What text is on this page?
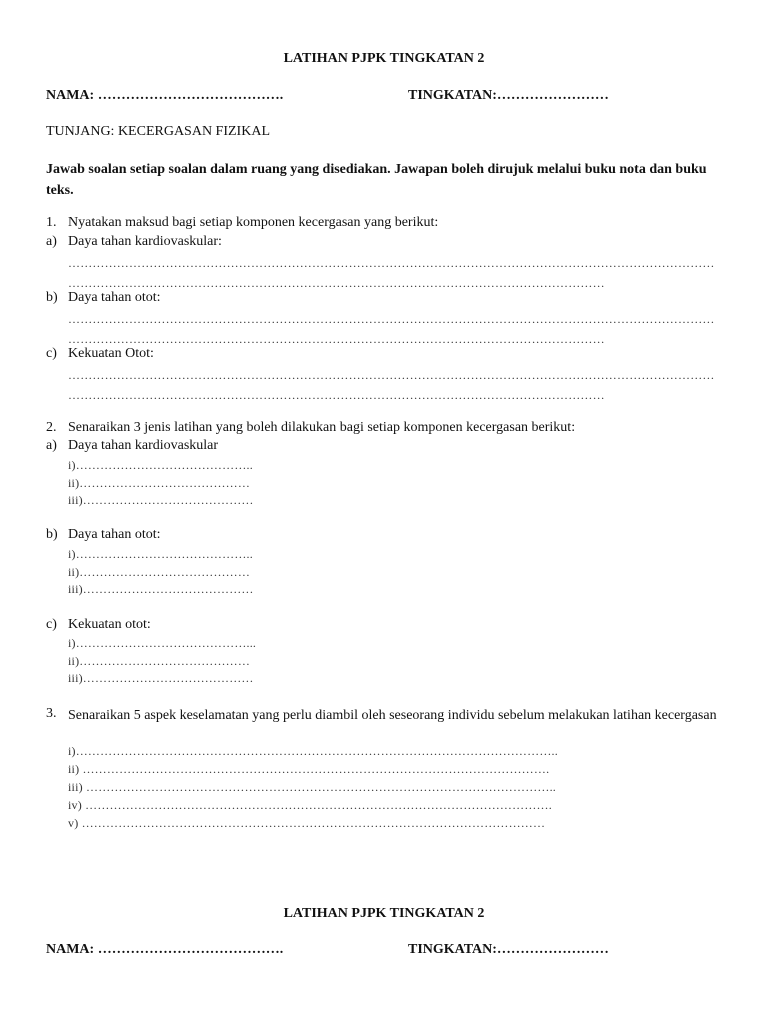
LATIHAN PJPK TINGKATAN 2
NAMA: ………………………………….	TINGKATAN:……………………
TUNJANG: KECERGASAN FIZIKAL
Jawab soalan setiap soalan dalam ruang yang disediakan. Jawapan boleh dirujuk melalui buku nota dan buku teks.
1. Nyatakan maksud bagi setiap komponen kecergasan yang berikut:
a) Daya tahan kardiovaskular:
……………………………………………………………………………………………………………………………………………
……………………………………………………………………………………………………………………
b) Daya tahan otot:
……………………………………………………………………………………………………………………………………………
……………………………………………………………………………………………………………………
c) Kekuatan Otot:
……………………………………………………………………………………………………………………………………………
……………………………………………………………………………………………………………………
2. Senaraikan 3 jenis latihan yang boleh dilakukan bagi setiap komponen kecergasan berikut:
a) Daya tahan kardiovaskular
i)……………………………………..
ii)……………………………………
iii)……………………………………
b) Daya tahan otot:
i)……………………………………..
ii)……………………………………
iii)……………………………………
c) Kekuatan otot:
i)……………………………………...
ii)……………………………………
iii)……………………………………
3. Senaraikan 5 aspek keselamatan yang perlu diambil oleh seseorang individu sebelum melakukan latihan kecergasan
i)………………………………………………………………………………………………………..
ii) …………………………………………………………………………………………………….
iii) ……………………………………………………………………………………………………..
iv) …………………………………………………………………………………………………….
v) ……………………………………………………………………………………………………
LATIHAN PJPK TINGKATAN 2
NAMA: ………………………………….	TINGKATAN:……………………
